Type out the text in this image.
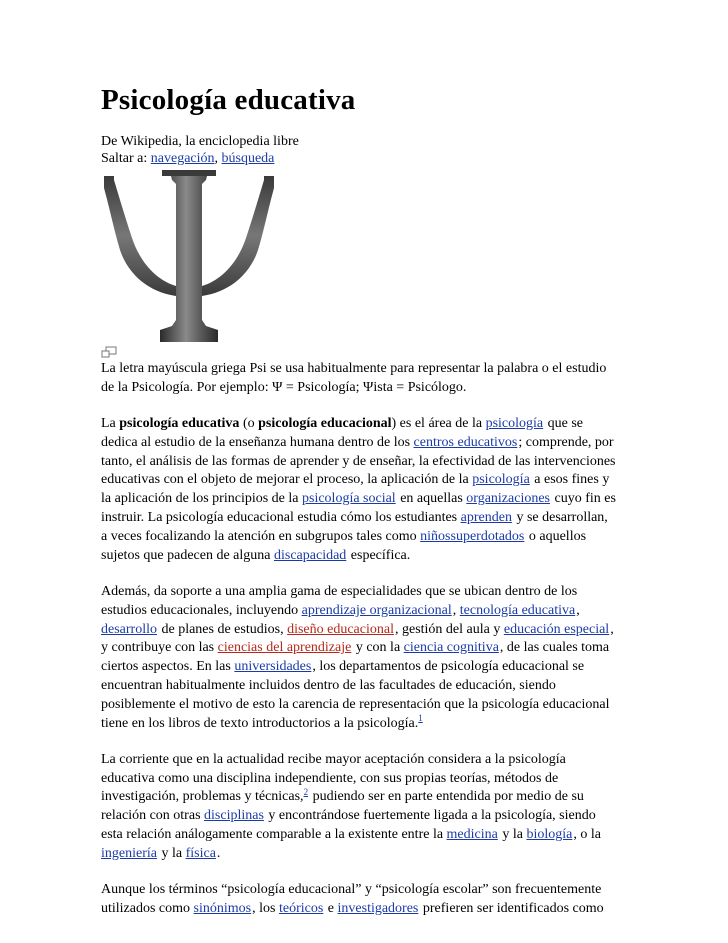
Psicología educativa
De Wikipedia, la enciclopedia libre
Saltar a: navegación, búsqueda

La letra mayúscula griega Psi se usa habitualmente para representar la palabra o el estudio
de la Psicología. Por ejemplo: Ψ = Psicología; Ψista = Psicólogo.

La psicología educativa (o psicología educacional) es el área de la psicología que se
dedica al estudio de la enseñanza humana dentro de los centros educativos; comprende, por
tanto, el análisis de las formas de aprender y de enseñar, la efectividad de las intervenciones
educativas con el objeto de mejorar el proceso, la aplicación de la psicología a esos fines y
la aplicación de los principios de la psicología social en aquellas organizaciones cuyo fin es
instruir. La psicología educacional estudia cómo los estudiantes aprenden y se desarrollan,
a veces focalizando la atención en subgrupos tales como niñossuperdotados o aquellos
sujetos que padecen de alguna discapacidad específica.

Además, da soporte a una amplia gama de especialidades que se ubican dentro de los
estudios educacionales, incluyendo aprendizaje organizacional, tecnología educativa,
desarrollo de planes de estudios, diseño educacional, gestión del aula y educación especial,
y contribuye con las ciencias del aprendizaje y con la ciencia cognitiva, de las cuales toma
ciertos aspectos. En las universidades, los departamentos de psicología educacional se
encuentran habitualmente incluidos dentro de las facultades de educación, siendo
posiblemente el motivo de esto la carencia de representación que la psicología educacional
tiene en los libros de texto introductorios a la psicología.$^1$

La corriente que en la actualidad recibe mayor aceptación considera a la psicología
educativa como una disciplina independiente, con sus propias teorías, métodos de
investigación, problemas y técnicas,$^2$ pudiendo ser en parte entendida por medio de su
relación con otras disciplinas y encontrándose fuertemente ligada a la psicología, siendo
esta relación análogamente comparable a la existente entre la medicina y la biología, o la
ingeniería y la física.

Aunque los términos “psicología educacional” y “psicología escolar” son frecuentemente
utilizados como sinónimos, los teóricos e investigadores prefieren ser identificados como
